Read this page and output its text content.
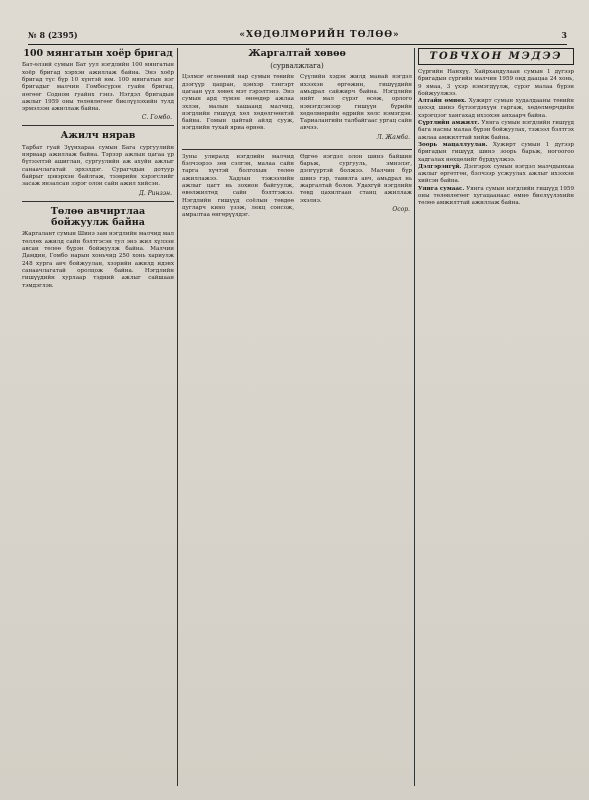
№ 8 (2395)	«ХӨДӨЛМӨРИЙН ТӨЛӨӨ»	3
100 мянгатын хоёр бригад

Бат-өлзий сумын Бат уул нэгдлийн 100 мянгатын хоёр бригад хэрхэн ажиллаж байна. Энэ хоёр бригад түс бүр 10 хүнтэй юм. 100 мянгатын нэг бригадыг малчин Гомбосүрэн гуайн бригад, нөгөөг Содном гуайнх гэнэ. Нэгдэл бригадын ажлыг 1959 оны төлөвлөгөөг биелүүлэхийн тулд эрмэлзэн ажиллаж байна.

С. Гомбо.
Ажилч нярав

Тарбат гуай Зүүнхараа сумын Бага сургуулийн нярваар ажиллаж байна. Тэрээр ажлын цагаа үр бүтээлтэй ашиглан, сургуулийн аж ахуйн ажлыг санаачлагатай эрхэлдэг. Сурагчдын дотуур байрыг цэвэрхэн байлгаж, тээврийн хэрэгслийг засаж янзалсан зэрэг олон сайн ажил хийсэн.

Д. Ринзэн.
Төлөө авчиртлаа бойжуулж байна

Жаргалант сумын Шинэ зам нэгдлийн малчид мал төллөх ажилд сайн бэлтгэсэн тул энэ жил хүлээн авсан төлөө бүрэн бойжуулж байна. Малчин Дамдин, Гомбо нарын хоньчид 250 хонь хариулж 248 хурга авч бойжуулан, хээрийн ажилд идэвх санаачлагатай оролцож байна. Нэгдлийн гишүүдийн хурлаар тэдний ажлыг сайшаан тэмдэглэв.

Жаргалтай хөвөө
(сурвалжлага)

Цэлмэг өглөөний нар сумын төвийн дээгүүр цацран, цэнхэр тэнгэрт цагаан үүл хөвөх мэт гэрэлтэнэ. Энэ сумын ард түмэн өнөөдөр ажлаа эхлэн, малын хашаанд малчид, нэгдлийн гишүүд хөл хөдөлгөөнтэй байна. Гомын цайтай айлд сууж, нэгдлийн тухай яриа өрнөв.

Сүүлийн хэдэн жилд манай нэгдэл ихээхэн өргөжин, гишүүдийн амьдрал сайжирч байна. Нэгдлийн нийт мал сүрэг өсөж, орлого нэмэгдсэнээр гишүүн бүрийн хөдөлмөрийн өдрийн хөлс нэмэгдэв. Тариалангийн талбайгаас ургац сайн авчээ.

Л. Жамба.

Зуны улиралд нэгдлийн малчид бэлчээрээ зөв сэлгэн, малаа сайн тарга хүчтэй болгохын төлөө ажиллажээ. Хадлан тэжээлийн ажлыг цагт нь зохион байгуулж, өвөлжилтөд сайн бэлтгэжээ. Нэгдлийн гишүүд соёлын төвдөө цугларч кино үзэж, лекц сонсож, амралтаа өнгөрүүлдэг.

Өдгөө нэгдэл олон шинэ байшин барьж, сургууль, эмнэлэг, дэлгүүртэй болжээ. Малчин бүр шинэ гэр, тавилга авч, амьдрал нь жаргалтай болов. Удахгүй нэгдлийн төвд цахилгаан станц ажиллаж эхэлнэ.

Осор.
ТОВЧХОН МЭДЭЭ

Сүргийн Нанхүү. Хайрхандулаан сумын 1 дүгээр бригадын сүргийн малчин 1959 онд даацаа 24 хонь, 9 ямаа, 3 үхэр нэмэгдүүлж, сүрэг малаа бүрэн бойжуулжээ.

Алтайн өмнөх. Хужирт сумын худалдааны төвийн цехэд шинэ бүтээгдэхүүн гаргаж, хөдөлмөрчдийн хэрэгцээг хангахад ихээхэн анхаарч байна.

Сүртлийн амжилт. Уянга сумын нэгдлийн гишүүд бага насны малаа бүрэн бойжуулах, тэжээл бэлтгэх ажлаа амжилттай хийж байна.

Зоорь мацаллуулав. Хужирт сумын 1 дүгээр бригадын гишүүд шинэ зоорь барьж, ногоогоо хадгалах нөхцөлийг бүрдүүлжээ.

Дэлгэрэнгүй. Дэлгэрэх сумын нэгдэл малчдынхаа ажлыг өргөтгөн, бэлчээр усжуулах ажлыг ихээхэн хийсэн байна.

Уянга сумаас. Уянга сумын нэгдлийн гишүүд 1959 оны төлөвлөгөөг хугацаанаас өмнө биелүүлэхийн төлөө амжилттай ажиллаж байна.
